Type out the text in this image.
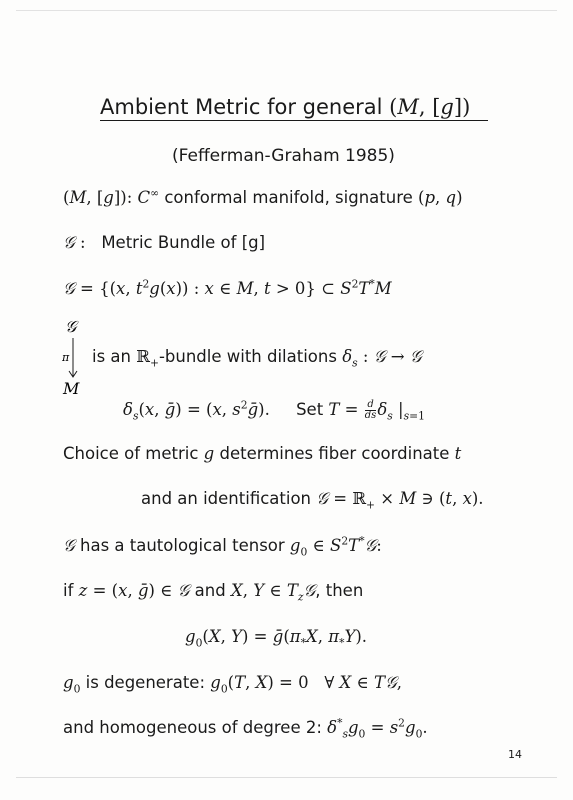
Ambient Metric for general (M, [g])
(Fefferman-Graham 1985)
(M, [g]): C∞ conformal manifold, signature (p, q)
𝒢 : Metric Bundle of [g]
𝒢 = {(x, $t^2g(x)$) : x ∈ M, t > 0} ⊂ $S^2T^*M$
𝒢
π
M
is an ℝ$_+$-bundle with dilations $\delta_s$ : 𝒢 → 𝒢
$\delta_s(x$, ḡ) = (x, $s^2ḡ$). Set $T = \frac{d}{ds} \delta_s$ $|_{s=1}$
Choice of metric g determines fiber coordinate t
and an identification 𝒢 = ℝ$_+$ × M ∋ (t, x).
𝒢 has a tautological tensor $g_0$ ∈ $S^2T^*𝒢$:
if z = (x, ḡ) ∈ 𝒢 and X, Y ∈ $T_z𝒢$, then
$g_0(X$, $Y) = ḡ(\pi_*X$, $\pi_*Y$).
$g_0$ is degenerate: $g_0(T$, X) = 0 ∀ X ∈ T𝒢,
and homogeneous of degree 2: $\delta^*_sg_0 = s^2g_0$.
14
